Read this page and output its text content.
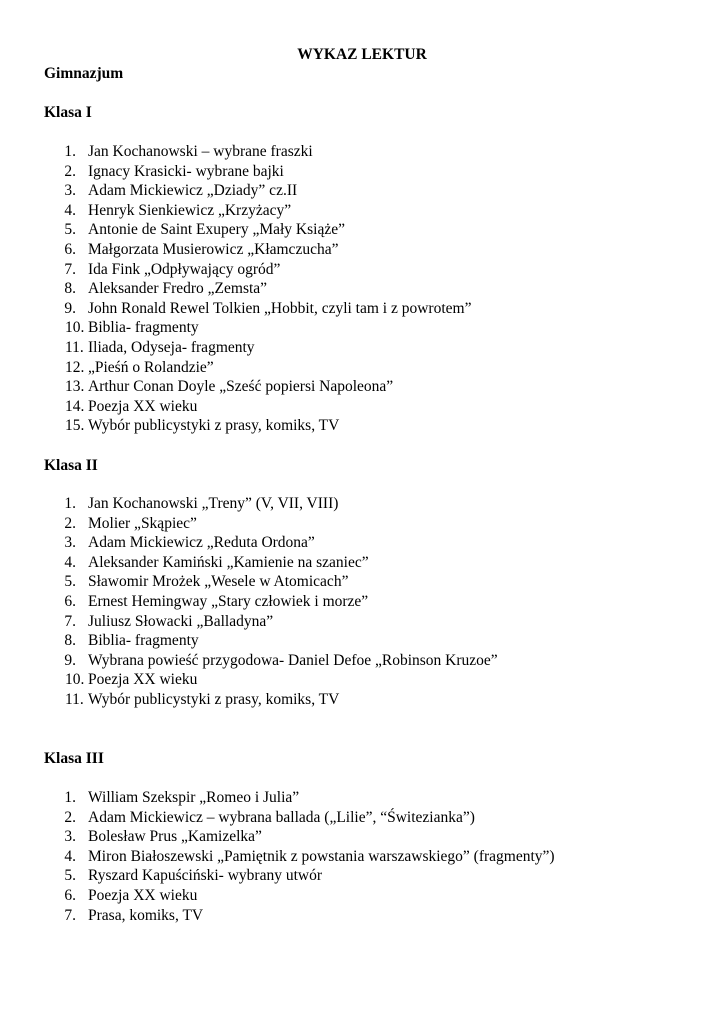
WYKAZ LEKTUR
Gimnazjum
Klasa I
1. Jan Kochanowski – wybrane fraszki
2. Ignacy Krasicki- wybrane bajki
3. Adam Mickiewicz „Dziady” cz.II
4. Henryk Sienkiewicz „Krzyżacy”
5. Antonie de Saint Exupery „Mały Książe”
6. Małgorzata Musierowicz „Kłamczucha”
7. Ida Fink „Odpływający ogród”
8. Aleksander Fredro „Zemsta”
9. John Ronald Rewel Tolkien „Hobbit, czyli tam i z powrotem”
10. Biblia- fragmenty
11. Iliada, Odyseja- fragmenty
12. „Pieśń o Rolandzie”
13. Arthur Conan Doyle „Sześć popiersi Napoleona”
14. Poezja XX wieku
15. Wybór publicystyki z prasy, komiks, TV
Klasa II
1. Jan Kochanowski „Treny” (V, VII, VIII)
2. Molier „Skąpiec”
3. Adam Mickiewicz „Reduta Ordona”
4. Aleksander Kamiński „Kamienie na szaniec”
5. Sławomir Mrożek „Wesele w Atomicach”
6. Ernest Hemingway „Stary człowiek i morze”
7. Juliusz Słowacki „Balladyna”
8. Biblia- fragmenty
9. Wybrana powieść przygodowa- Daniel Defoe „Robinson Kruzoe”
10. Poezja XX wieku
11. Wybór publicystyki z prasy, komiks, TV
Klasa III
1. William Szekspir „Romeo i Julia”
2. Adam Mickiewicz – wybrana ballada („Lilie”, “Świtezianka”)
3. Bolesław Prus „Kamizelka”
4. Miron Białoszewski „Pamiętnik z powstania warszawskiego” (fragmenty”)
5. Ryszard Kapuściński- wybrany utwór
6. Poezja XX wieku
7. Prasa, komiks, TV
